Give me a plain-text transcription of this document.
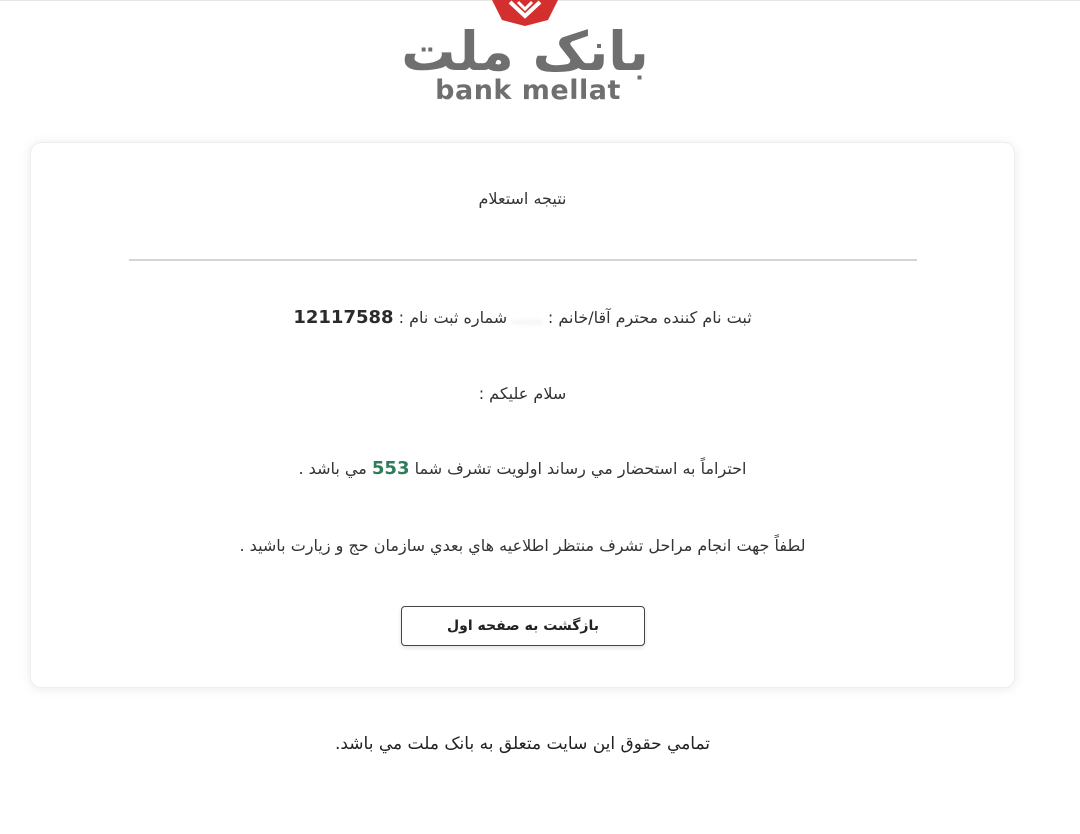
بانک ملت
bank mellat
نتیجه استعلام
ثبت نام کننده محترم آقا/خانم : ...... شماره ثبت نام : 12117588
سلام عليكم :
احتراماً به استحضار مي رساند اولويت تشرف شما 553 مي باشد .
لطفاً جهت انجام مراحل تشرف منتظر اطلاعيه هاي بعدي سازمان حج و زيارت باشيد .
بازگشت به صفحه اول
تمامي حقوق اين سايت متعلق به بانک ملت مي باشد.
